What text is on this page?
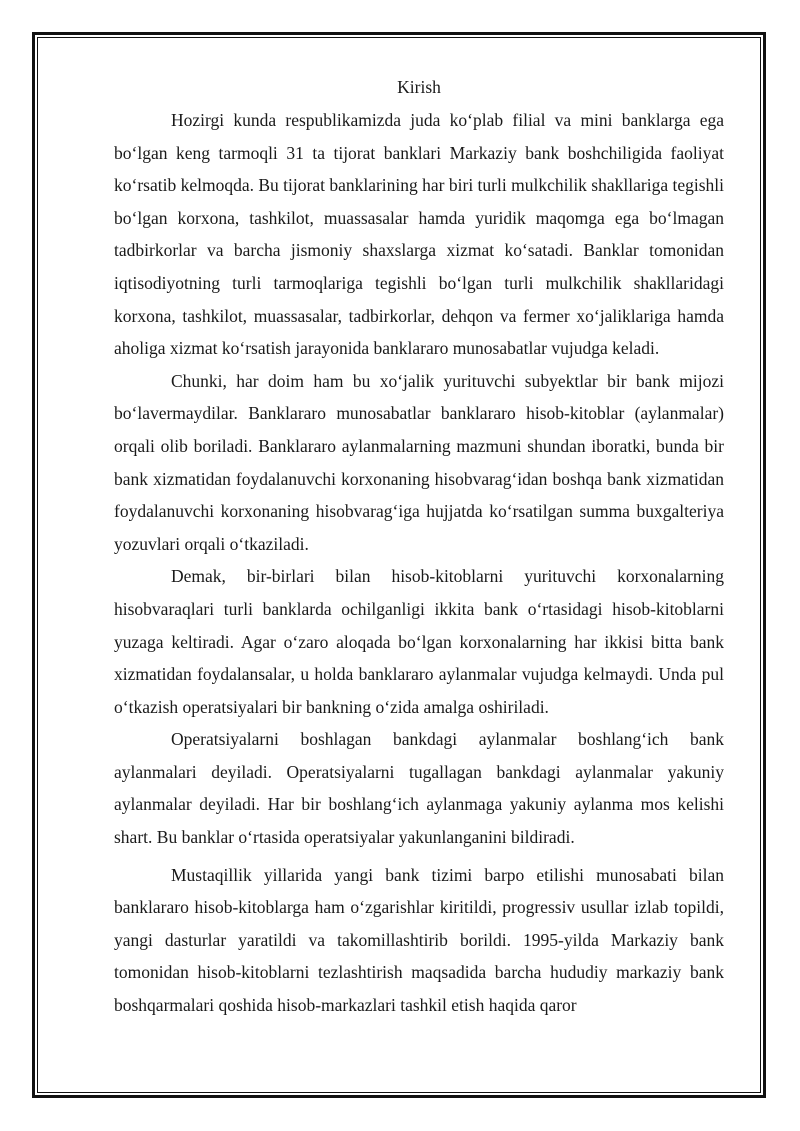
Kirish

Hozirgi kunda respublikamizda juda ko‘plab filial va mini banklarga ega bo‘lgan keng tarmoqli 31 ta tijorat banklari Markaziy bank boshchiligida faoliyat ko‘rsatib kelmoqda. Bu tijorat banklarining har biri turli mulkchilik shakllariga tegishli bo‘lgan korxona, tashkilot, muassasalar hamda yuridik maqomga ega bo‘lmagan tadbirkorlar va barcha jismoniy shaxslarga xizmat ko‘satadi. Banklar tomonidan iqtisodiyotning turli tarmoqlariga tegishli bo‘lgan turli mulkchilik shakllaridagi korxona, tashkilot, muassasalar, tadbirkorlar, dehqon va fermer xo‘jaliklariga hamda aholiga xizmat ko‘rsatish jarayonida banklararo munosabatlar vujudga keladi.

Chunki, har doim ham bu xo‘jalik yurituvchi subyektlar bir bank mijozi bo‘lavermaydilar. Banklararo munosabatlar banklararo hisob-kitoblar (aylanmalar) orqali olib boriladi. Banklararo aylanmalarning mazmuni shundan iboratki, bunda bir bank xizmatidan foydalanuvchi korxonaning hisobvarag‘idan boshqa bank xizmatidan foydalanuvchi korxonaning hisobvarag‘iga hujjatda ko‘rsatilgan summa buxgalteriya yozuvlari orqali o‘tkaziladi.

Demak, bir-birlari bilan hisob-kitoblarni yurituvchi korxonalarning hisobvaraqlari turli banklarda ochilganligi ikkita bank o‘rtasidagi hisob-kitoblarni yuzaga keltiradi. Agar o‘zaro aloqada bo‘lgan korxonalarning har ikkisi bitta bank xizmatidan foydalansalar, u holda banklararo aylanmalar vujudga kelmaydi. Unda pul o‘tkazish operatsiyalari bir bankning o‘zida amalga oshiriladi.

Operatsiyalarni boshlagan bankdagi aylanmalar boshlang‘ich bank aylanmalari deyiladi. Operatsiyalarni tugallagan bankdagi aylanmalar yakuniy aylanmalar deyiladi. Har bir boshlang‘ich aylanmaga yakuniy aylanma mos kelishi shart. Bu banklar o‘rtasida operatsiyalar yakunlanganini bildiradi.

Mustaqillik yillarida yangi bank tizimi barpo etilishi munosabati bilan banklararo hisob-kitoblarga ham o‘zgarishlar kiritildi, progressiv usullar izlab topildi, yangi dasturlar yaratildi va takomillashtirib borildi. 1995-yilda Markaziy bank tomonidan hisob-kitoblarni tezlashtirish maqsadida barcha hududiy markaziy bank boshqarmalari qoshida hisob-markazlari tashkil etish haqida qaror
